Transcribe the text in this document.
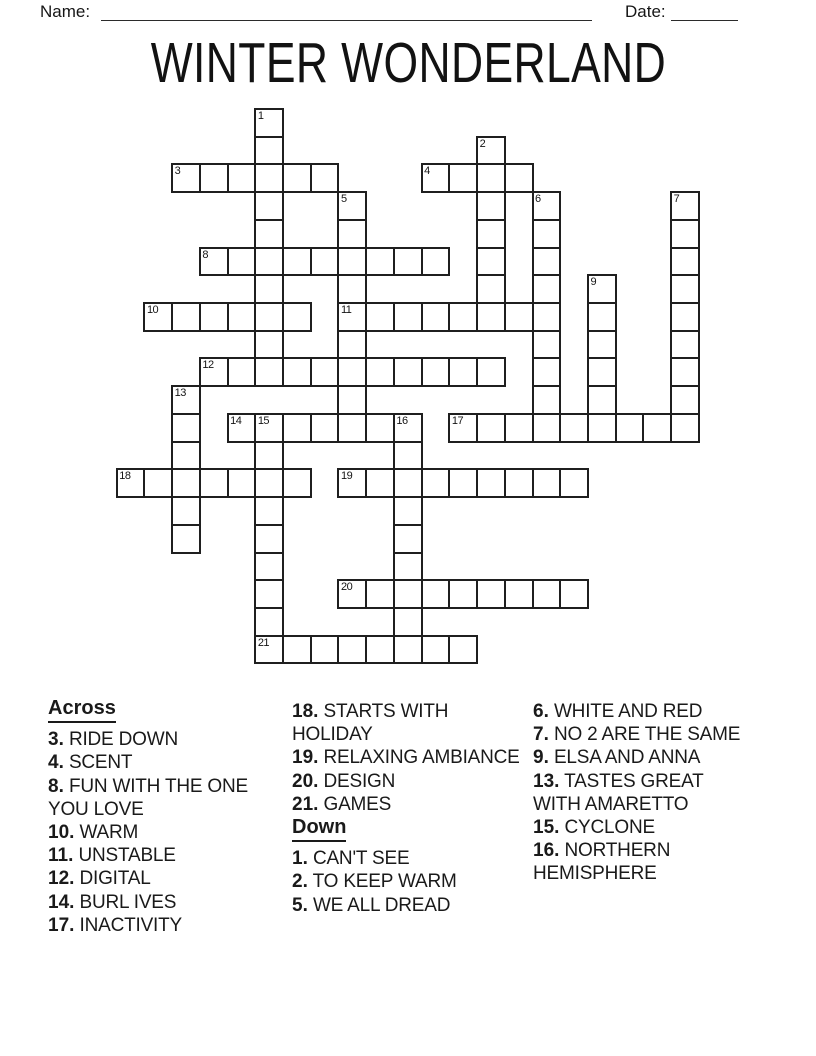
Name:	Date:
WINTER WONDERLAND
1
2
3	4
5	6	7
8
9
10	11
12
13
14 15	16	17
18	19
20
21
Across
3. RIDE DOWN
4. SCENT
8. FUN WITH THE ONE YOU LOVE
10. WARM
11. UNSTABLE
12. DIGITAL
14. BURL IVES
17. INACTIVITY
18. STARTS WITH HOLIDAY
19. RELAXING AMBIANCE
20. DESIGN
21. GAMES
Down
1. CAN'T SEE
2. TO KEEP WARM
5. WE ALL DREAD
6. WHITE AND RED
7. NO 2 ARE THE SAME
9. ELSA AND ANNA
13. TASTES GREAT WITH AMARETTO
15. CYCLONE
16. NORTHERN HEMISPHERE
